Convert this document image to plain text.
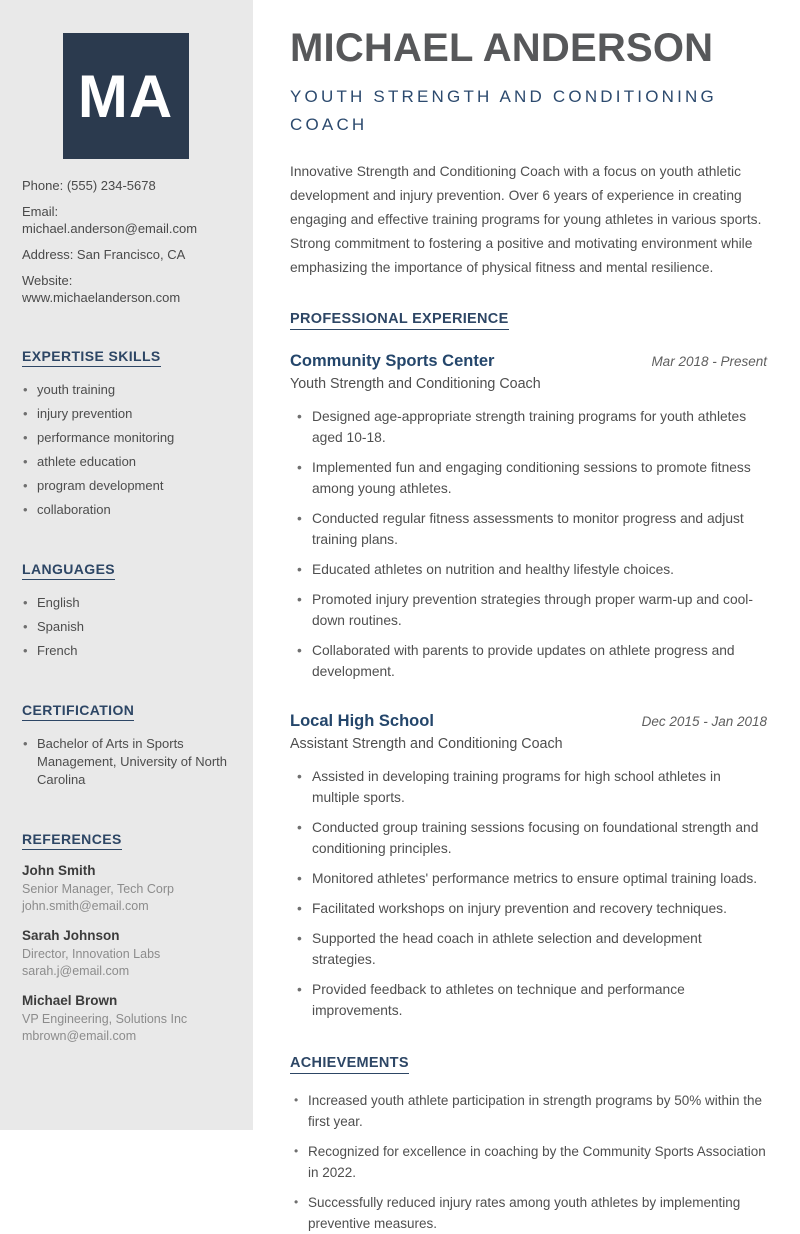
MA
Phone: (555) 234-5678
Email: michael.anderson@email.com
Address: San Francisco, CA
Website: www.michaelanderson.com
EXPERTISE SKILLS
• youth training
• injury prevention
• performance monitoring
• athlete education
• program development
• collaboration
LANGUAGES
• English
• Spanish
• French
CERTIFICATION
• Bachelor of Arts in Sports Management, University of North Carolina
REFERENCES
John Smith
Senior Manager, Tech Corp
john.smith@email.com
Sarah Johnson
Director, Innovation Labs
sarah.j@email.com
Michael Brown
VP Engineering, Solutions Inc
mbrown@email.com
MICHAEL ANDERSON
YOUTH STRENGTH AND CONDITIONING COACH

Innovative Strength and Conditioning Coach with a focus on youth athletic development and injury prevention. Over 6 years of experience in creating engaging and effective training programs for young athletes in various sports. Strong commitment to fostering a positive and motivating environment while emphasizing the importance of physical fitness and mental resilience.

PROFESSIONAL EXPERIENCE
Community Sports Center	Mar 2018 - Present
Youth Strength and Conditioning Coach
• Designed age-appropriate strength training programs for youth athletes aged 10-18.
• Implemented fun and engaging conditioning sessions to promote fitness among young athletes.
• Conducted regular fitness assessments to monitor progress and adjust training plans.
• Educated athletes on nutrition and healthy lifestyle choices.
• Promoted injury prevention strategies through proper warm-up and cool-down routines.
• Collaborated with parents to provide updates on athlete progress and development.
Local High School	Dec 2015 - Jan 2018
Assistant Strength and Conditioning Coach
• Assisted in developing training programs for high school athletes in multiple sports.
• Conducted group training sessions focusing on foundational strength and conditioning principles.
• Monitored athletes' performance metrics to ensure optimal training loads.
• Facilitated workshops on injury prevention and recovery techniques.
• Supported the head coach in athlete selection and development strategies.
• Provided feedback to athletes on technique and performance improvements.
ACHIEVEMENTS
• Increased youth athlete participation in strength programs by 50% within the first year.
• Recognized for excellence in coaching by the Community Sports Association in 2022.
• Successfully reduced injury rates among youth athletes by implementing preventive measures.
